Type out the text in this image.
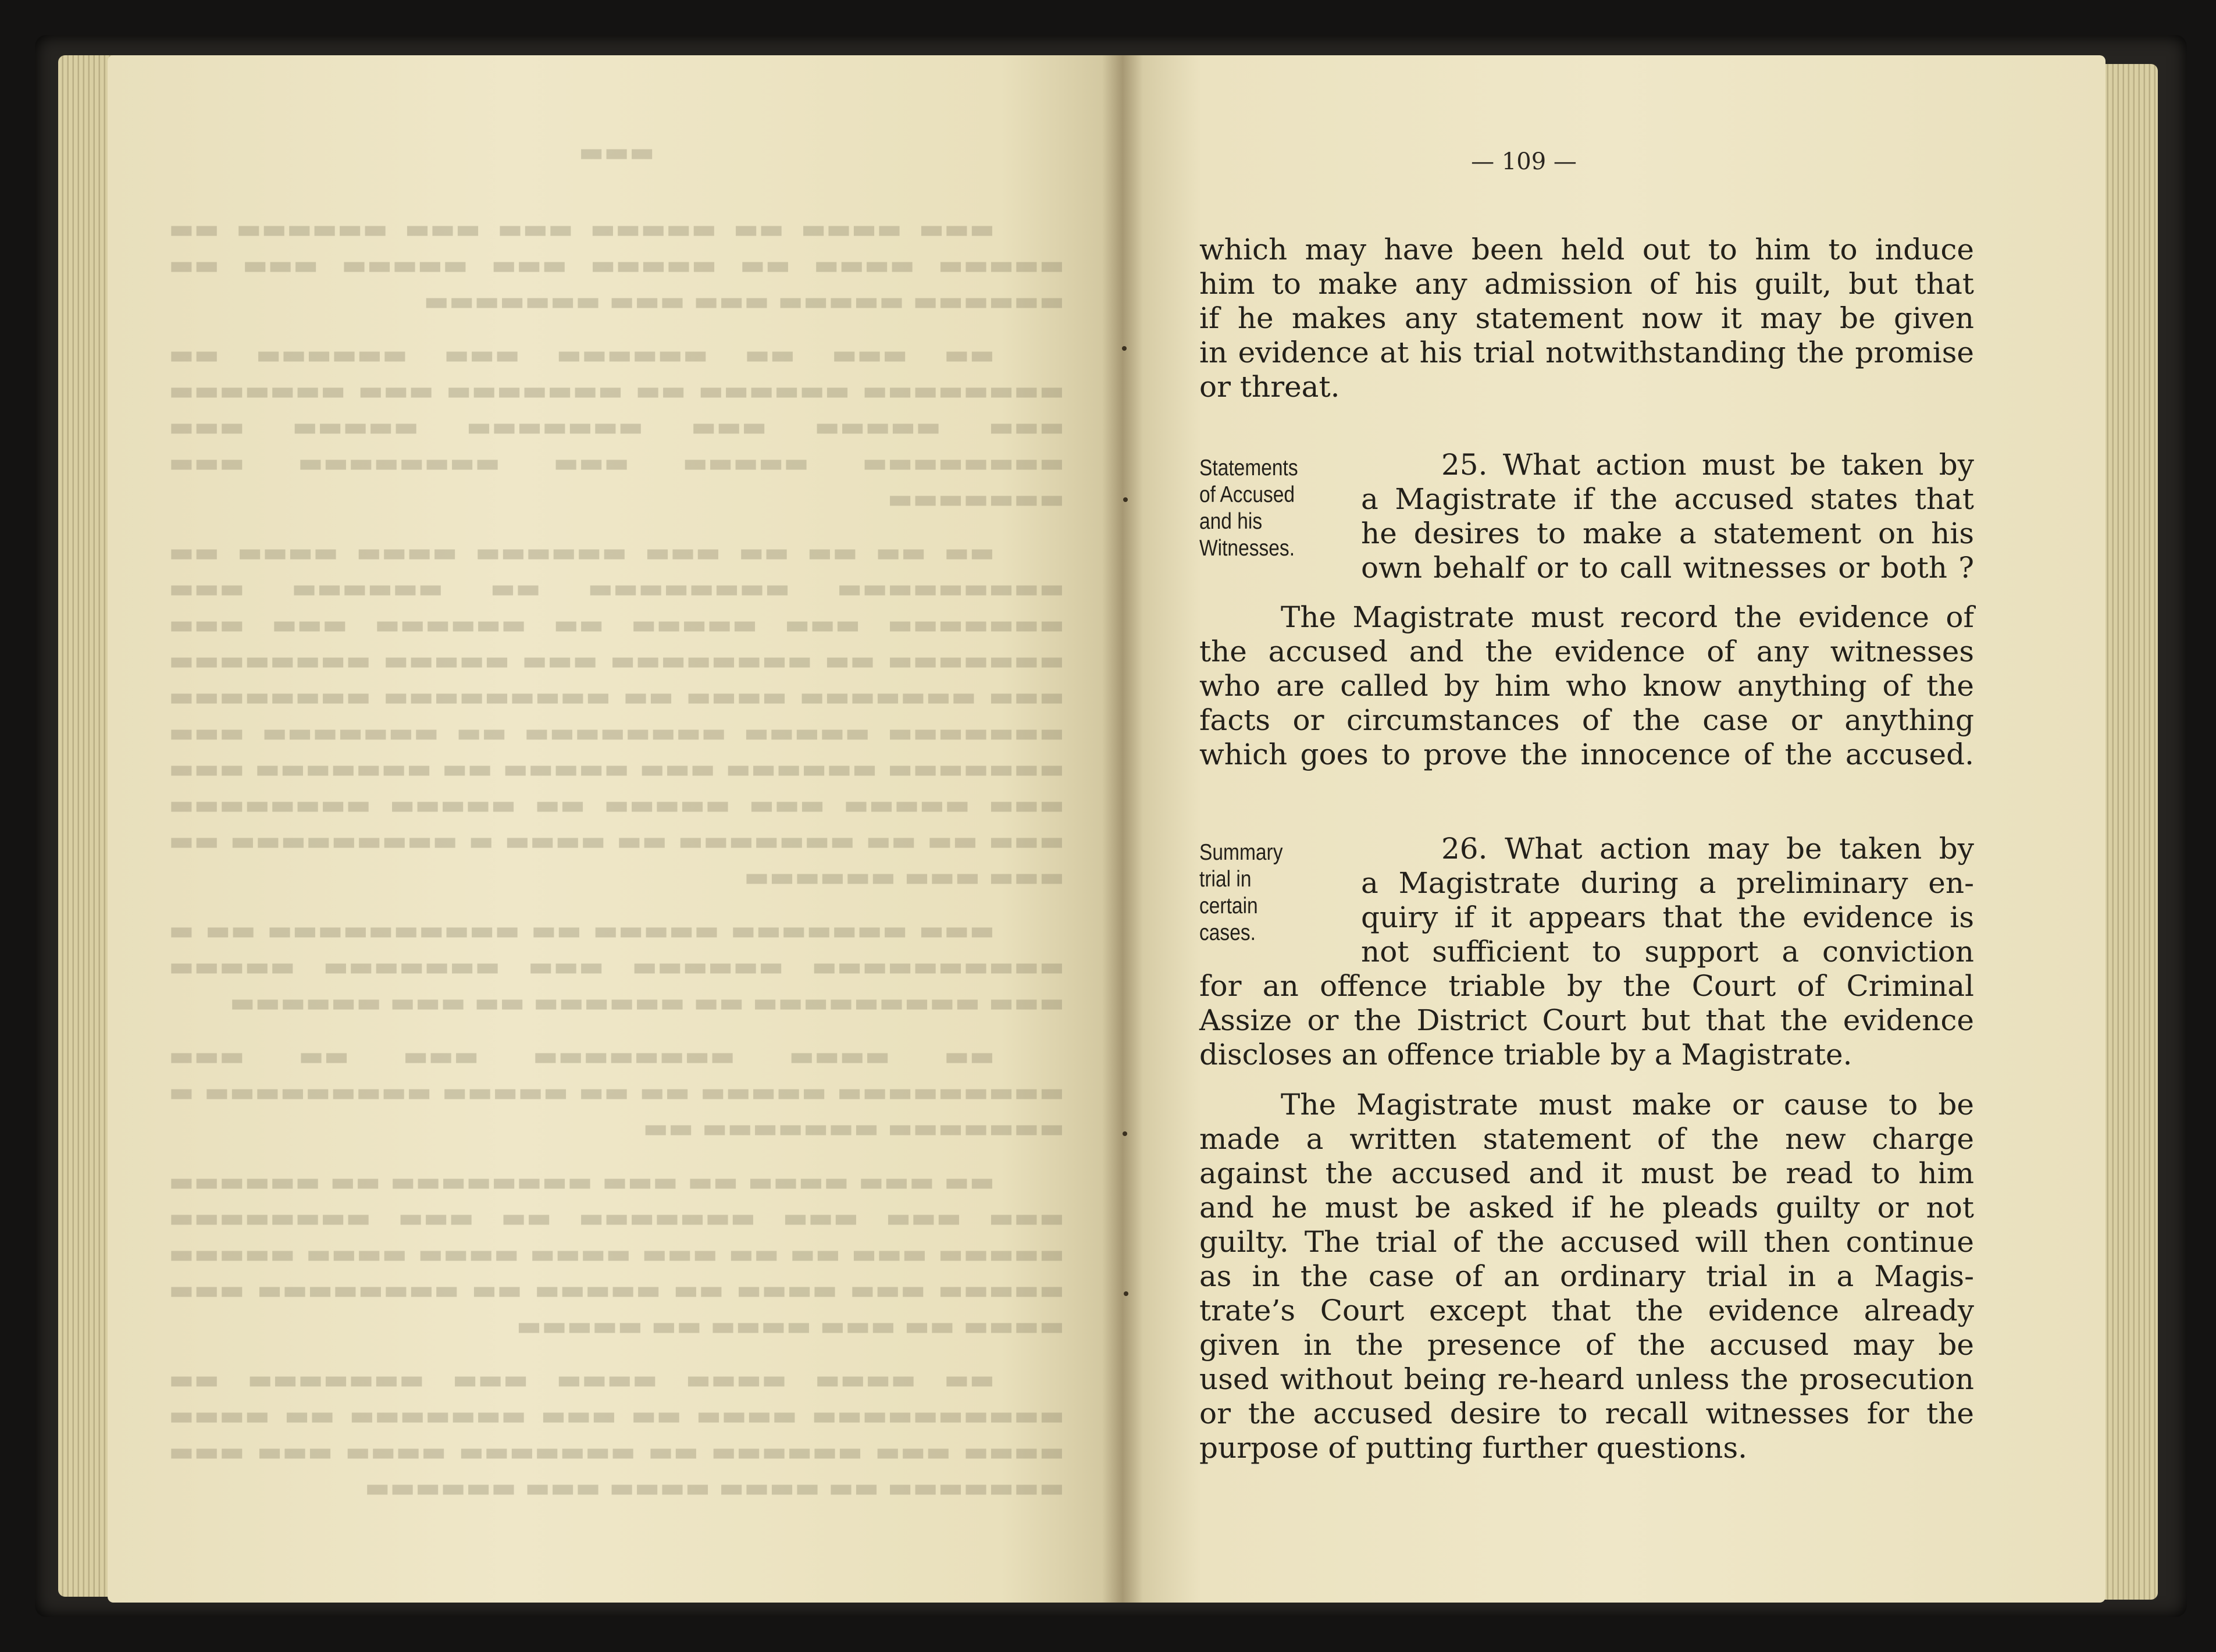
▬▬▬

▬▬▬ ▬▬▬▬ ▬▬ ▬▬▬▬▬ ▬▬▬ ▬▬▬ ▬▬▬▬▬▬ ▬▬ ▬▬▬▬▬ ▬▬▬▬ ▬▬ ▬▬▬▬▬ ▬▬▬ ▬▬▬▬▬ ▬▬▬ ▬▬ ▬▬▬▬▬▬ ▬▬▬▬▬ ▬▬▬ ▬▬▬ ▬▬▬▬▬▬▬

▬▬ ▬▬▬ ▬▬ ▬▬▬▬▬▬ ▬▬▬ ▬▬▬▬▬▬ ▬▬ ▬▬▬▬▬▬▬▬ ▬▬▬▬▬▬ ▬▬ ▬▬▬▬▬▬▬ ▬▬▬ ▬▬▬▬▬▬▬ ▬▬▬ ▬▬▬▬▬ ▬▬▬ ▬▬▬▬▬▬▬ ▬▬▬▬▬ ▬▬▬ ▬▬▬▬▬▬▬▬ ▬▬▬▬▬ ▬▬▬ ▬▬▬▬▬▬▬▬ ▬▬▬ ▬▬▬▬▬▬▬

▬▬ ▬▬ ▬▬ ▬▬ ▬▬▬ ▬▬▬▬▬▬ ▬▬▬▬ ▬▬▬▬ ▬▬ ▬▬▬▬▬▬▬▬▬ ▬▬▬▬▬▬▬▬ ▬▬ ▬▬▬▬▬▬ ▬▬▬ ▬▬▬▬▬▬▬ ▬▬▬ ▬▬▬▬▬ ▬▬ ▬▬▬▬▬▬ ▬▬▬ ▬▬▬ ▬▬▬▬▬▬▬ ▬▬ ▬▬▬▬▬▬▬▬ ▬▬▬ ▬▬▬▬▬ ▬▬▬▬▬▬▬▬ ▬▬▬ ▬▬▬▬▬▬▬ ▬▬▬▬ ▬▬ ▬▬▬▬▬▬▬▬▬ ▬▬▬▬▬▬▬▬ ▬▬▬▬▬▬▬ ▬▬▬▬▬ ▬▬▬▬▬▬▬▬ ▬▬ ▬▬▬▬▬▬▬ ▬▬▬ ▬▬▬▬▬▬▬ ▬▬▬▬▬▬ ▬▬▬ ▬▬▬▬▬ ▬▬ ▬▬▬▬▬▬▬ ▬▬▬ ▬▬▬ ▬▬▬▬▬ ▬▬▬ ▬▬▬▬▬ ▬▬ ▬▬▬▬▬ ▬▬▬▬▬▬▬▬ ▬▬▬ ▬▬ ▬▬ ▬▬▬▬▬▬▬ ▬▬ ▬▬▬▬ ▬ ▬▬▬▬▬▬▬▬▬ ▬▬ ▬▬▬ ▬▬▬ ▬▬▬▬▬▬

▬▬▬ ▬▬▬▬▬▬▬ ▬▬▬▬▬ ▬▬ ▬▬▬▬▬▬▬▬▬▬ ▬▬ ▬ ▬▬▬▬▬▬▬▬▬▬ ▬▬▬▬▬▬ ▬▬▬ ▬▬▬▬▬▬▬ ▬▬▬▬▬ ▬▬▬ ▬▬▬▬▬▬▬▬▬ ▬▬ ▬▬▬▬▬▬ ▬▬ ▬▬▬ ▬▬▬▬▬▬

▬▬ ▬▬▬▬ ▬▬▬▬▬▬▬▬ ▬▬▬ ▬▬ ▬▬▬ ▬▬▬▬▬▬▬▬▬ ▬▬▬▬▬ ▬▬ ▬▬ ▬▬▬▬▬ ▬▬▬▬▬▬▬▬▬ ▬ ▬▬▬▬▬▬▬ ▬▬▬▬▬▬▬ ▬▬

▬▬ ▬▬▬ ▬▬▬▬ ▬▬ ▬▬▬ ▬▬▬▬▬▬▬▬ ▬▬ ▬▬▬▬▬▬ ▬▬▬ ▬▬▬ ▬▬▬ ▬▬▬▬▬▬▬ ▬▬ ▬▬▬ ▬▬▬▬▬▬▬▬ ▬▬▬▬▬ ▬▬▬ ▬▬ ▬▬ ▬▬▬ ▬▬▬▬ ▬▬▬▬ ▬▬▬▬ ▬▬▬▬▬ ▬▬▬▬▬ ▬▬▬ ▬▬▬▬ ▬▬ ▬▬▬▬▬ ▬▬ ▬▬▬▬▬▬▬▬ ▬▬▬ ▬▬▬▬ ▬▬ ▬▬▬ ▬▬▬▬ ▬▬ ▬▬▬▬▬

▬▬ ▬▬▬▬ ▬▬▬▬ ▬▬▬▬ ▬▬▬ ▬▬▬▬▬▬▬ ▬▬ ▬▬▬▬▬▬▬▬▬▬ ▬▬▬▬ ▬▬ ▬▬▬ ▬▬▬▬▬▬▬ ▬▬ ▬▬▬▬ ▬▬▬▬ ▬▬▬ ▬▬▬▬▬▬ ▬▬ ▬▬▬▬▬▬▬ ▬▬▬▬ ▬▬▬ ▬▬▬ ▬▬▬▬▬▬▬ ▬▬ ▬▬▬▬ ▬▬▬▬ ▬▬▬ ▬▬▬▬▬▬

— 109 —
which may have been held out to him to induce
him to make any admission of his guilt, but that
if he makes any statement now it may be given
in evidence at his trial notwithstanding the promise
or threat.
Statements
of Accused
and his
Witnesses.
25. What action must be taken by
a Magistrate if the accused states that
he desires to make a statement on his
own behalf or to call witnesses or both ?
The Magistrate must record the evidence of
the accused and the evidence of any witnesses
who are called by him who know anything of the
facts or circumstances of the case or anything
which goes to prove the innocence of the accused.
Summary
trial in
certain
cases.
26. What action may be taken by
a Magistrate during a preliminary en-
quiry if it appears that the evidence is
not sufficient to support a conviction
for an offence triable by the Court of Criminal
Assize or the District Court but that the evidence
discloses an offence triable by a Magistrate.
The Magistrate must make or cause to be
made a written statement of the new charge
against the accused and it must be read to him
and he must be asked if he pleads guilty or not
guilty. The trial of the accused will then continue
as in the case of an ordinary trial in a Magis-
trate’s Court except that the evidence already
given in the presence of the accused may be
used without being re-heard unless the prosecution
or the accused desire to recall witnesses for the
purpose of putting further questions.
